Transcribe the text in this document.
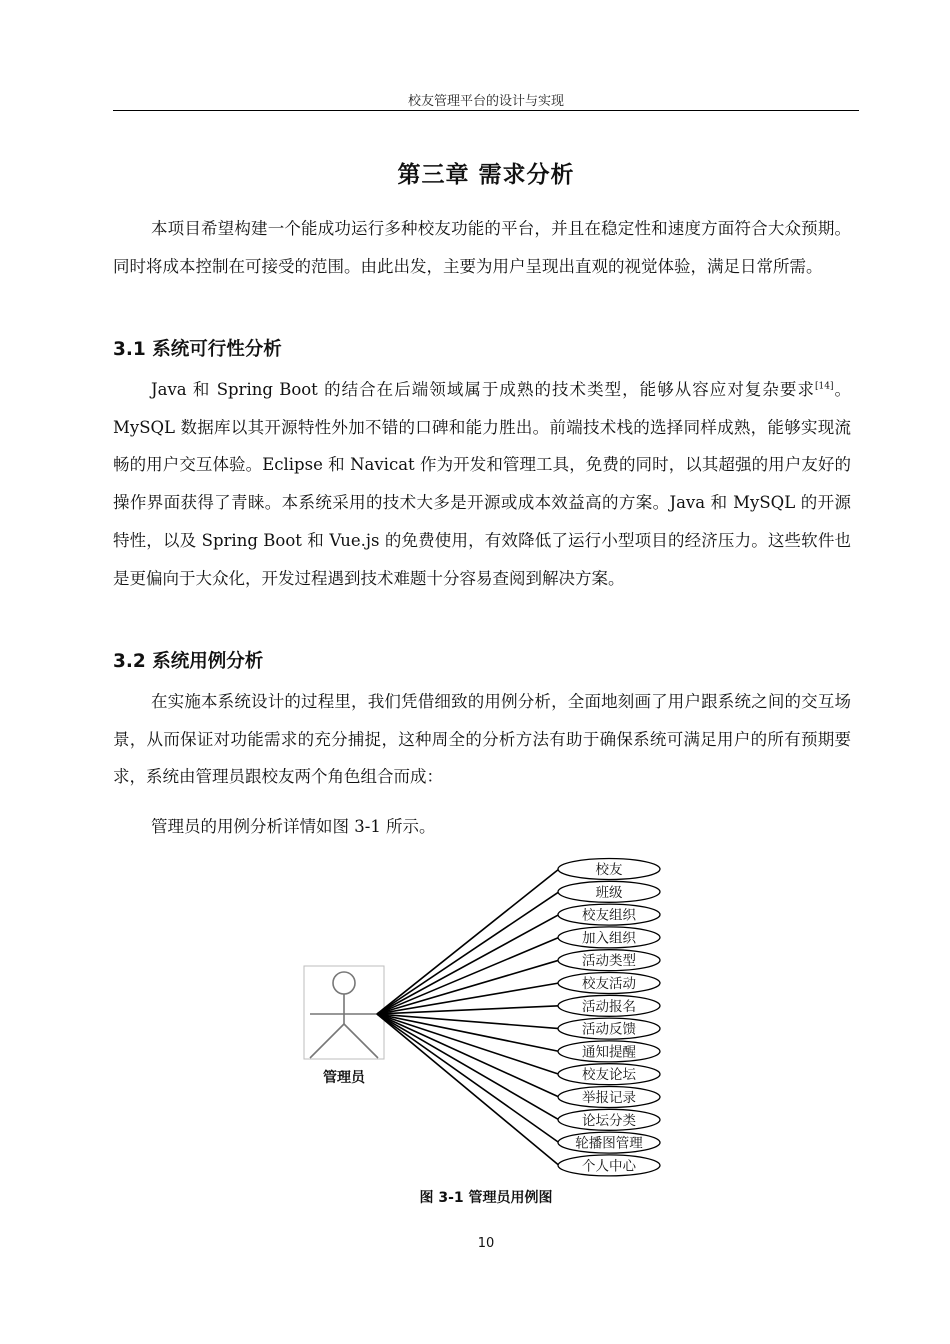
校友管理平台的设计与实现
第三章 需求分析
本项目希望构建一个能成功运行多种校友功能的平台，并且在稳定性和速度方面符合大众预期。同时将成本控制在可接受的范围。由此出发，主要为用户呈现出直观的视觉体验，满足日常所需。
3.1 系统可行性分析
Java 和 Spring Boot 的结合在后端领域属于成熟的技术类型，能够从容应对复杂要求[14]。MySQL 数据库以其开源特性外加不错的口碑和能力胜出。前端技术栈的选择同样成熟，能够实现流畅的用户交互体验。Eclipse 和 Navicat 作为开发和管理工具，免费的同时，以其超强的用户友好的操作界面获得了青睐。本系统采用的技术大多是开源或成本效益高的方案。Java 和 MySQL 的开源特性，以及 Spring Boot 和 Vue.js 的免费使用，有效降低了运行小型项目的经济压力。这些软件也是更偏向于大众化，开发过程遇到技术难题十分容易查阅到解决方案。
3.2 系统用例分析
在实施本系统设计的过程里，我们凭借细致的用例分析，全面地刻画了用户跟系统之间的交互场景，从而保证对功能需求的充分捕捉，这种周全的分析方法有助于确保系统可满足用户的所有预期要求，系统由管理员跟校友两个角色组合而成：
管理员的用例分析详情如图 3-1 所示。
校友
班级
校友组织
加入组织
活动类型
校友活动
活动报名
活动反馈
通知提醒
校友论坛
举报记录
论坛分类
轮播图管理
个人中心
管理员
图 3-1 管理员用例图
10
